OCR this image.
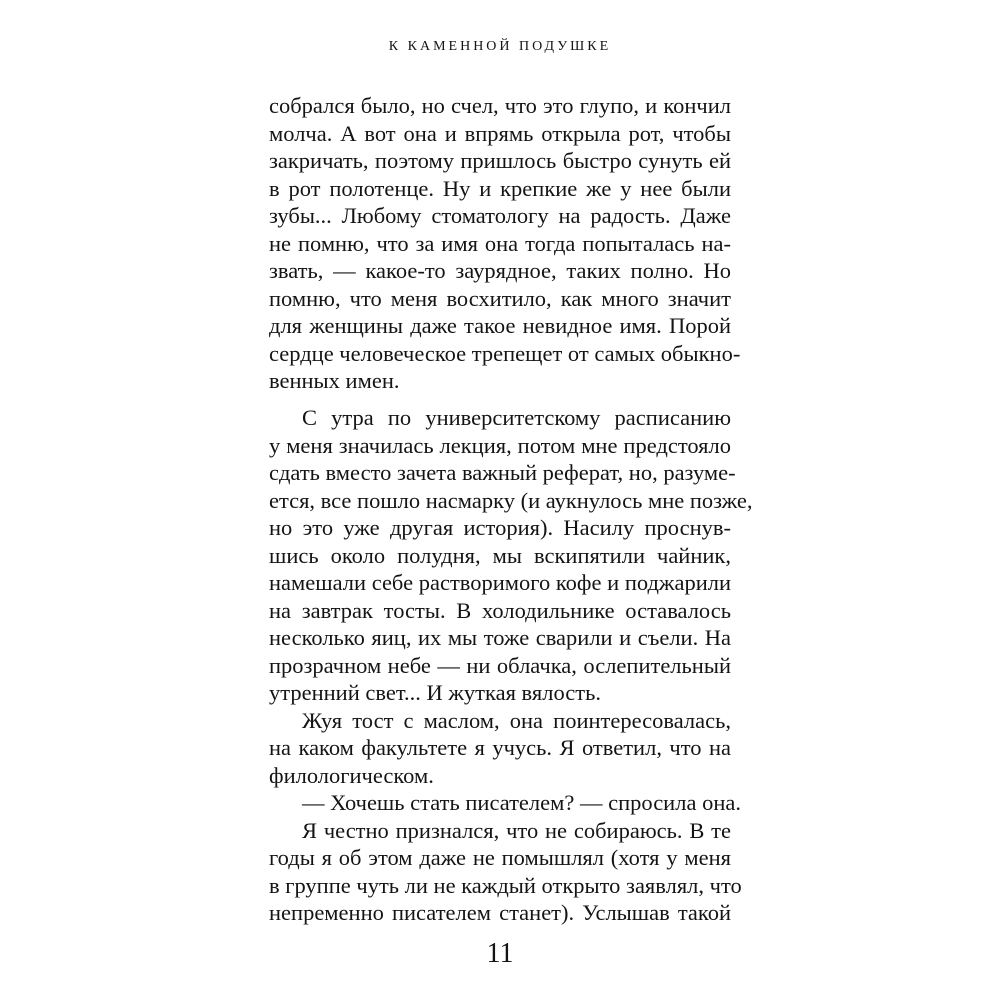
К КАМЕННОЙ ПОДУШКЕ
собрался было, но счел, что это глупо, и кончил
молча. А вот она и впрямь открыла рот, чтобы
закричать, поэтому пришлось быстро сунуть ей
в рот полотенце. Ну и крепкие же у нее были
зубы... Любому стоматологу на радость. Даже
не помню, что за имя она тогда попыталась на-
звать, — какое-то заурядное, таких полно. Но
помню, что меня восхитило, как много значит
для женщины даже такое невидное имя. Порой
сердце человеческое трепещет от самых обыкно-
венных имен.
С утра по университетскому расписанию
у меня значилась лекция, потом мне предстояло
сдать вместо зачета важный реферат, но, разуме-
ется, все пошло насмарку (и аукнулось мне позже,
но это уже другая история). Насилу проснув-
шись около полудня, мы вскипятили чайник,
намешали себе растворимого кофе и поджарили
на завтрак тосты. В холодильнике оставалось
несколько яиц, их мы тоже сварили и съели. На
прозрачном небе — ни облачка, ослепительный
утренний свет... И жуткая вялость.
Жуя тост с маслом, она поинтересовалась,
на каком факультете я учусь. Я ответил, что на
филологическом.
— Хочешь стать писателем? — спросила она.
Я честно признался, что не собираюсь. В те
годы я об этом даже не помышлял (хотя у меня
в группе чуть ли не каждый открыто заявлял, что
непременно писателем станет). Услышав такой
11
